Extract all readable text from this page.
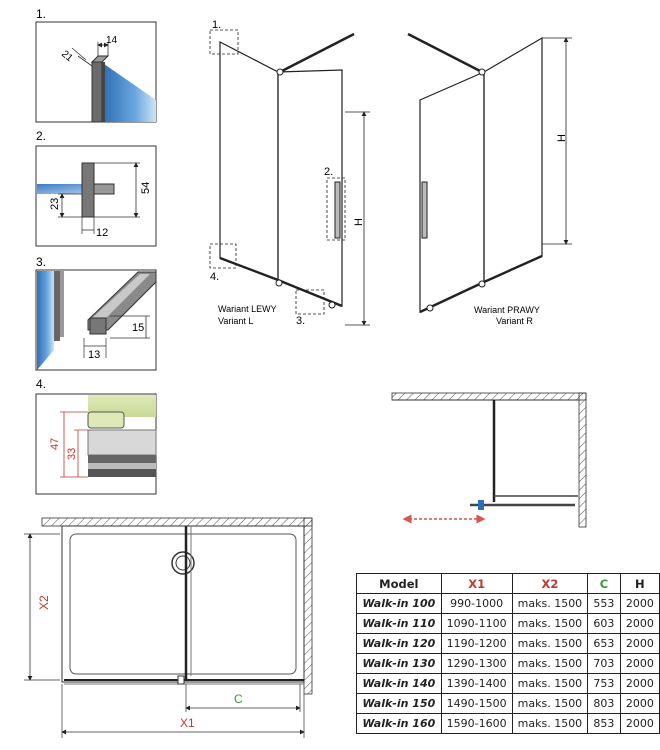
1.
21
14
2.
54
23
12
3.
15
13
4.
47
33
1.
2.
3.
4.
H
Wariant LEWY
Variant L
H
Wariant PRAWY
Variant R
X2
C
X1
Model	X1	X2	C	H
Walk-in 100	990-1000	maks. 1500	553	2000
Walk-in 110	1090-1100	maks. 1500	603	2000
Walk-in 120	1190-1200	maks. 1500	653	2000
Walk-in 130	1290-1300	maks. 1500	703	2000
Walk-in 140	1390-1400	maks. 1500	753	2000
Walk-in 150	1490-1500	maks. 1500	803	2000
Walk-in 160	1590-1600	maks. 1500	853	2000
